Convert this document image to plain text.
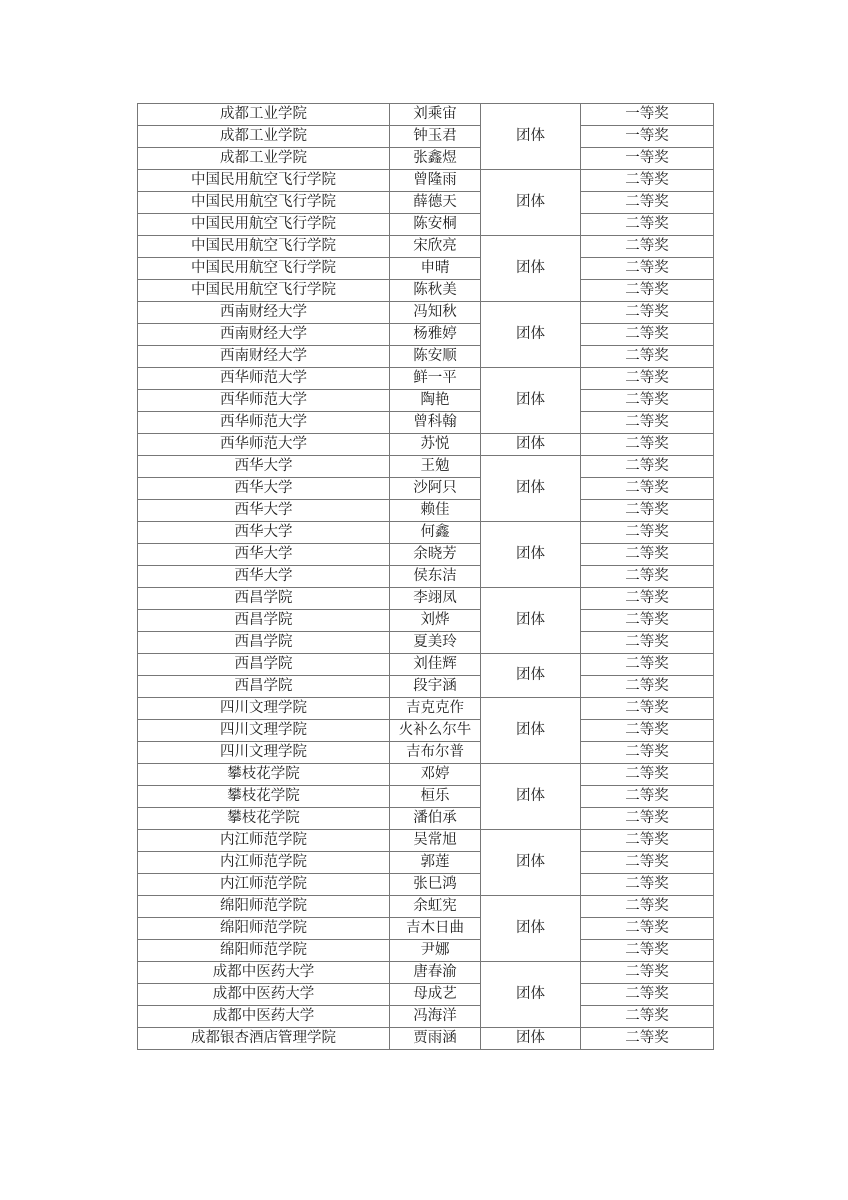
成都工业学院	刘乘宙	团体	一等奖
成都工业学院	钟玉君		一等奖
成都工业学院	张鑫煜		一等奖
中国民用航空飞行学院	曾隆雨	团体	二等奖
中国民用航空飞行学院	薛德天		二等奖
中国民用航空飞行学院	陈安桐		二等奖
中国民用航空飞行学院	宋欣亮	团体	二等奖
中国民用航空飞行学院	申晴		二等奖
中国民用航空飞行学院	陈秋美		二等奖
西南财经大学	冯知秋	团体	二等奖
西南财经大学	杨雅婷		二等奖
西南财经大学	陈安顺		二等奖
西华师范大学	鲜一平	团体	二等奖
西华师范大学	陶艳		二等奖
西华师范大学	曾科翰		二等奖
西华师范大学	苏悦	团体	二等奖
西华大学	王勉	团体	二等奖
西华大学	沙阿只		二等奖
西华大学	赖佳		二等奖
西华大学	何鑫	团体	二等奖
西华大学	余晓芳		二等奖
西华大学	侯东洁		二等奖
西昌学院	李翊凤	团体	二等奖
西昌学院	刘烨		二等奖
西昌学院	夏美玲		二等奖
西昌学院	刘佳辉	团体	二等奖
西昌学院	段宇涵		二等奖
四川文理学院	吉克克作	团体	二等奖
四川文理学院	火补么尔牛		二等奖
四川文理学院	吉布尔普		二等奖
攀枝花学院	邓婷	团体	二等奖
攀枝花学院	桓乐		二等奖
攀枝花学院	潘伯承		二等奖
内江师范学院	吴常旭	团体	二等奖
内江师范学院	郭莲		二等奖
内江师范学院	张巳鸿		二等奖
绵阳师范学院	余虹宪	团体	二等奖
绵阳师范学院	吉木日曲		二等奖
绵阳师范学院	尹娜		二等奖
成都中医药大学	唐春渝	团体	二等奖
成都中医药大学	母成艺		二等奖
成都中医药大学	冯海洋		二等奖
成都银杏酒店管理学院	贾雨涵	团体	二等奖
